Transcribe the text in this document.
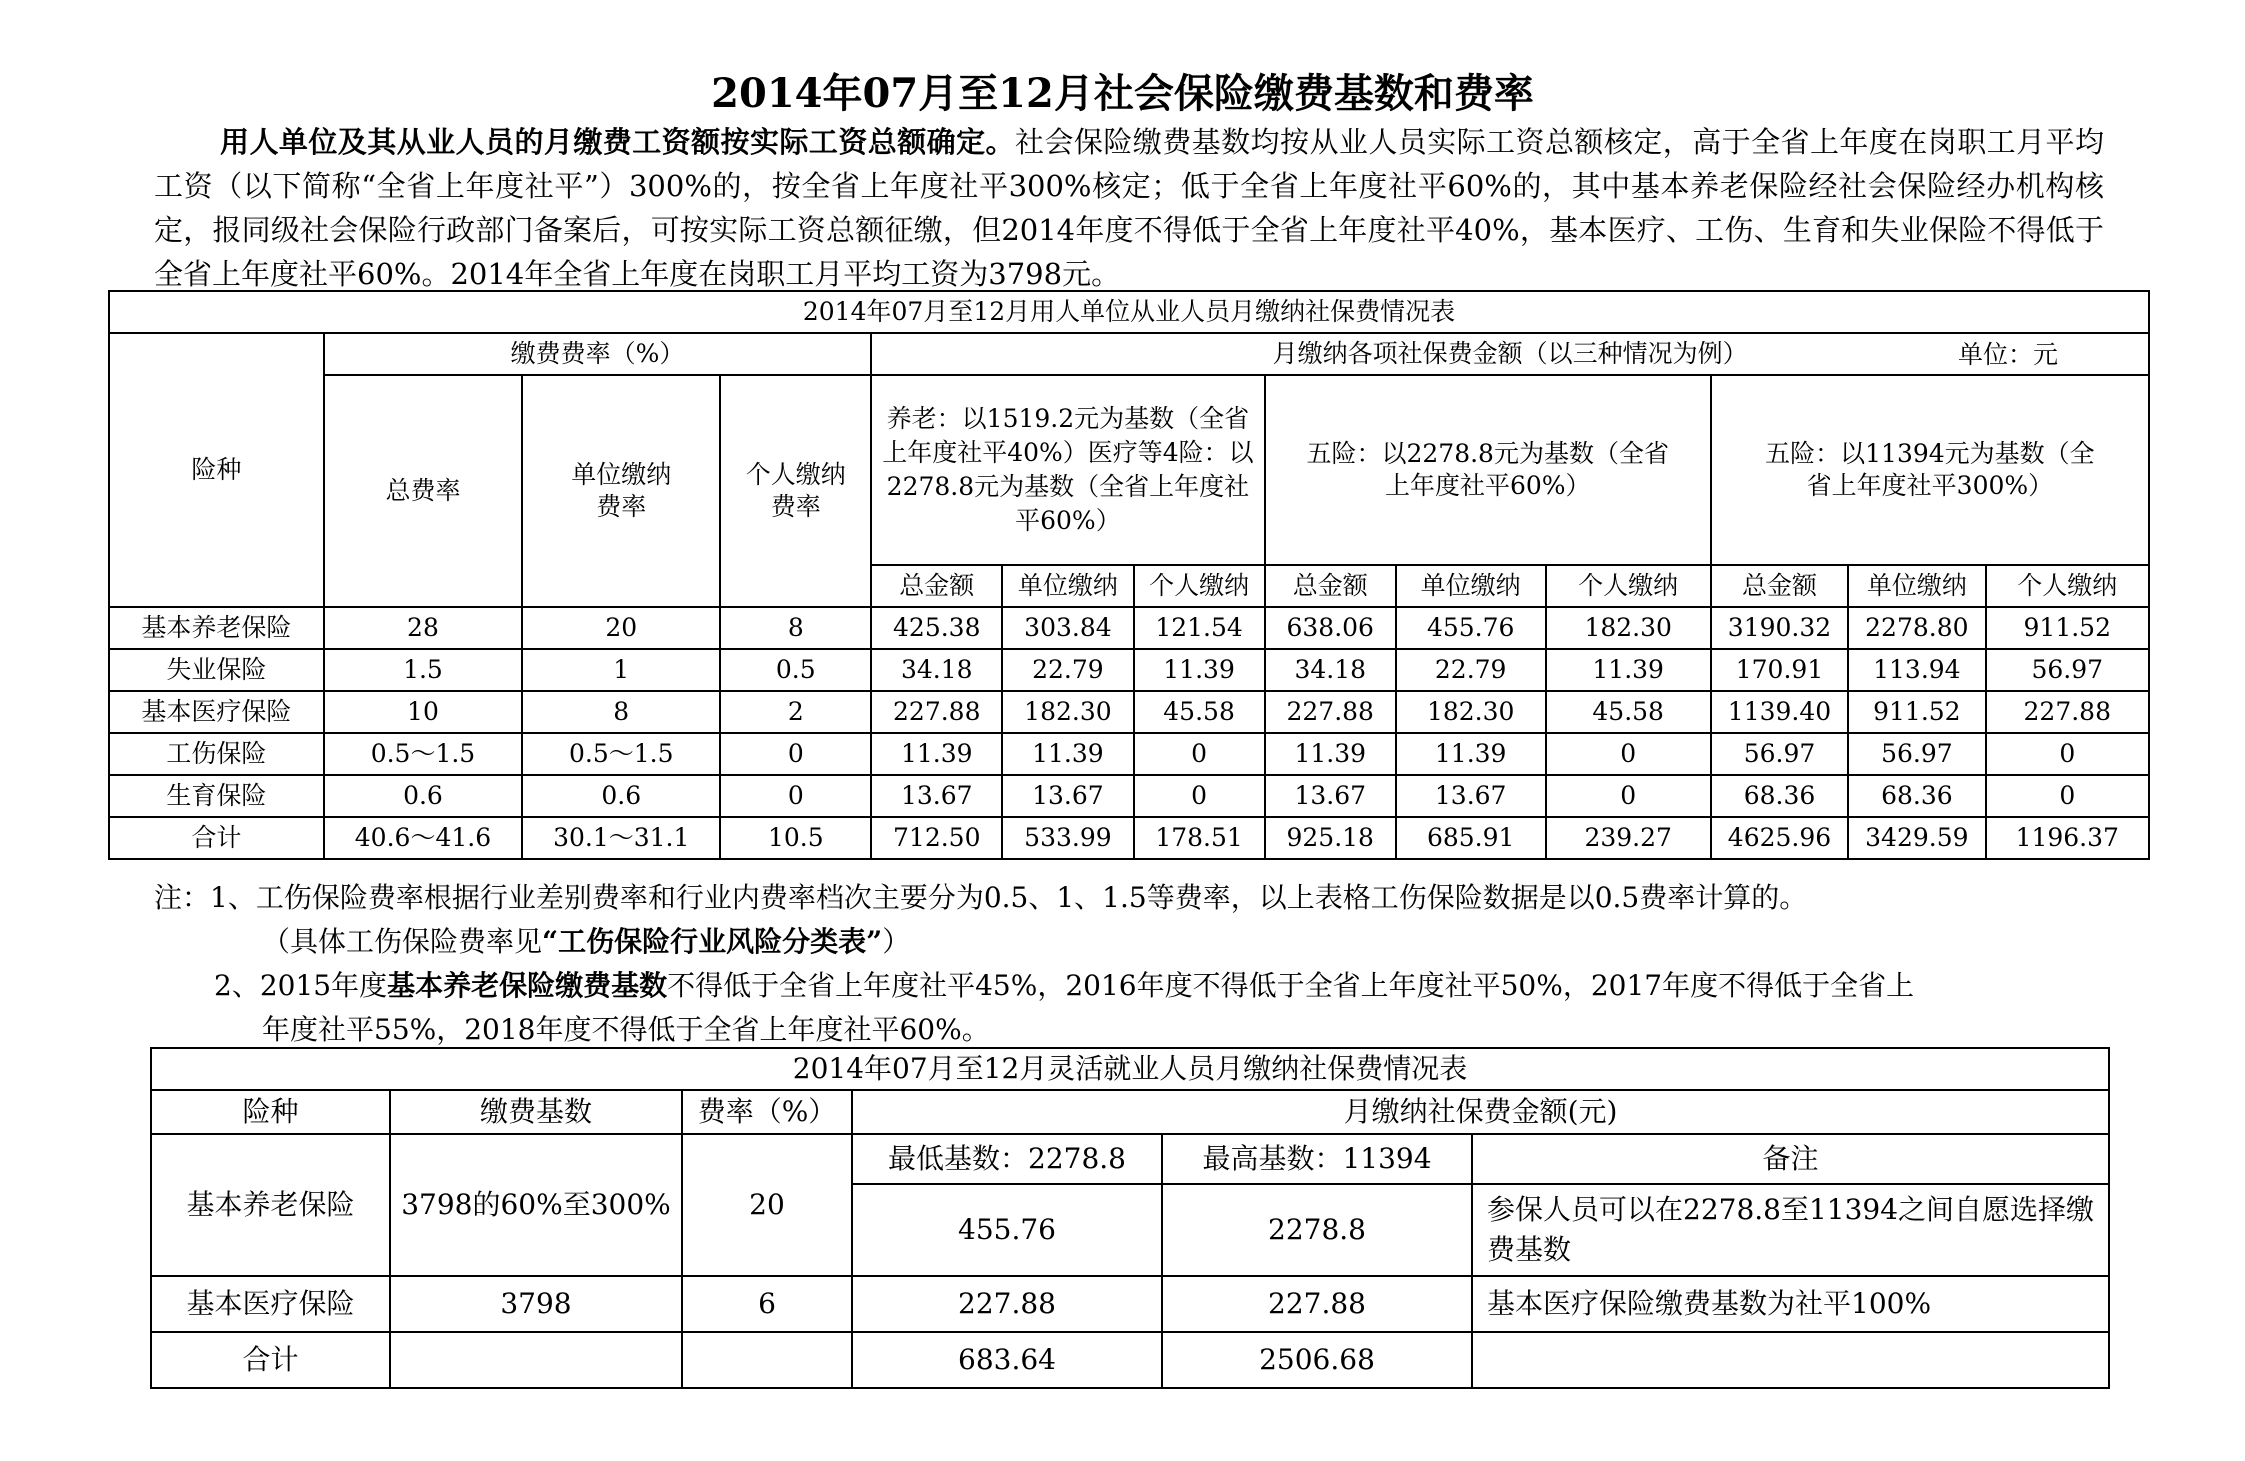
2014年07月至12月社会保险缴费基数和费率
用人单位及其从业人员的月缴费工资额按实际工资总额确定。社会保险缴费基数均按从业人员实际工资总额核定，高于全省上年度在岗职工月平均工资（以下简称“全省上年度社平”）300%的，按全省上年度社平300%核定；低于全省上年度社平60%的，其中基本养老保险经社会保险经办机构核定，报同级社会保险行政部门备案后，可按实际工资总额征缴，但2014年度不得低于全省上年度社平40%，基本医疗、工伤、生育和失业保险不得低于全省上年度社平60%。2014年全省上年度在岗职工月平均工资为3798元。
2014年07月至12月用人单位从业人员月缴纳社保费情况表												
险种	缴费费率（%）			月缴纳各项社保费金额（以三种情况为例） 单位：元								

	总费率	单位缴纳费率	个人缴纳费率	养老：以1519.2元为基数（全省上年度社平40%）医疗等4险：以2278.8元为基数（全省上年度社平60%）			五险：以2278.8元为基数（全省上年度社平60%）			五险：以11394元为基数（全省上年度社平300%）		
				总金额	单位缴纳	个人缴纳	总金额	单位缴纳	个人缴纳	总金额	单位缴纳	个人缴纳
基本养老保险	28	20	8	425.38	303.84	121.54	638.06	455.76	182.30	3190.32	2278.80	911.52
失业保险	1.5	1	0.5	34.18	22.79	11.39	34.18	22.79	11.39	170.91	113.94	56.97
基本医疗保险	10	8	2	227.88	182.30	45.58	227.88	182.30	45.58	1139.40	911.52	227.88
工伤保险	0.5～1.5	0.5～1.5	0	11.39	11.39	0	11.39	11.39	0	56.97	56.97	0
生育保险	0.6	0.6	0	13.67	13.67	0	13.67	13.67	0	68.36	68.36	0
合计	40.6～41.6	30.1～31.1	10.5	712.50	533.99	178.51	925.18	685.91	239.27	4625.96	3429.59	1196.37
注：1、工伤保险费率根据行业差别费率和行业内费率档次主要分为0.5、1、1.5等费率，以上表格工伤保险数据是以0.5费率计算的。
（具体工伤保险费率见“工伤保险行业风险分类表”）
2、2015年度基本养老保险缴费基数不得低于全省上年度社平45%，2016年度不得低于全省上年度社平50%，2017年度不得低于全省上
年度社平55%，2018年度不得低于全省上年度社平60%。
2014年07月至12月灵活就业人员月缴纳社保费情况表					
险种	缴费基数	费率（%）	月缴纳社保费金额(元)		
基本养老保险	3798的60%至300%	20	最低基数：2278.8	最高基数：11394	备注
			455.76	2278.8	参保人员可以在2278.8至11394之间自愿选择缴费基数
基本医疗保险	3798	6	227.88	227.88	基本医疗保险缴费基数为社平100%
合计			683.64	2506.68	
